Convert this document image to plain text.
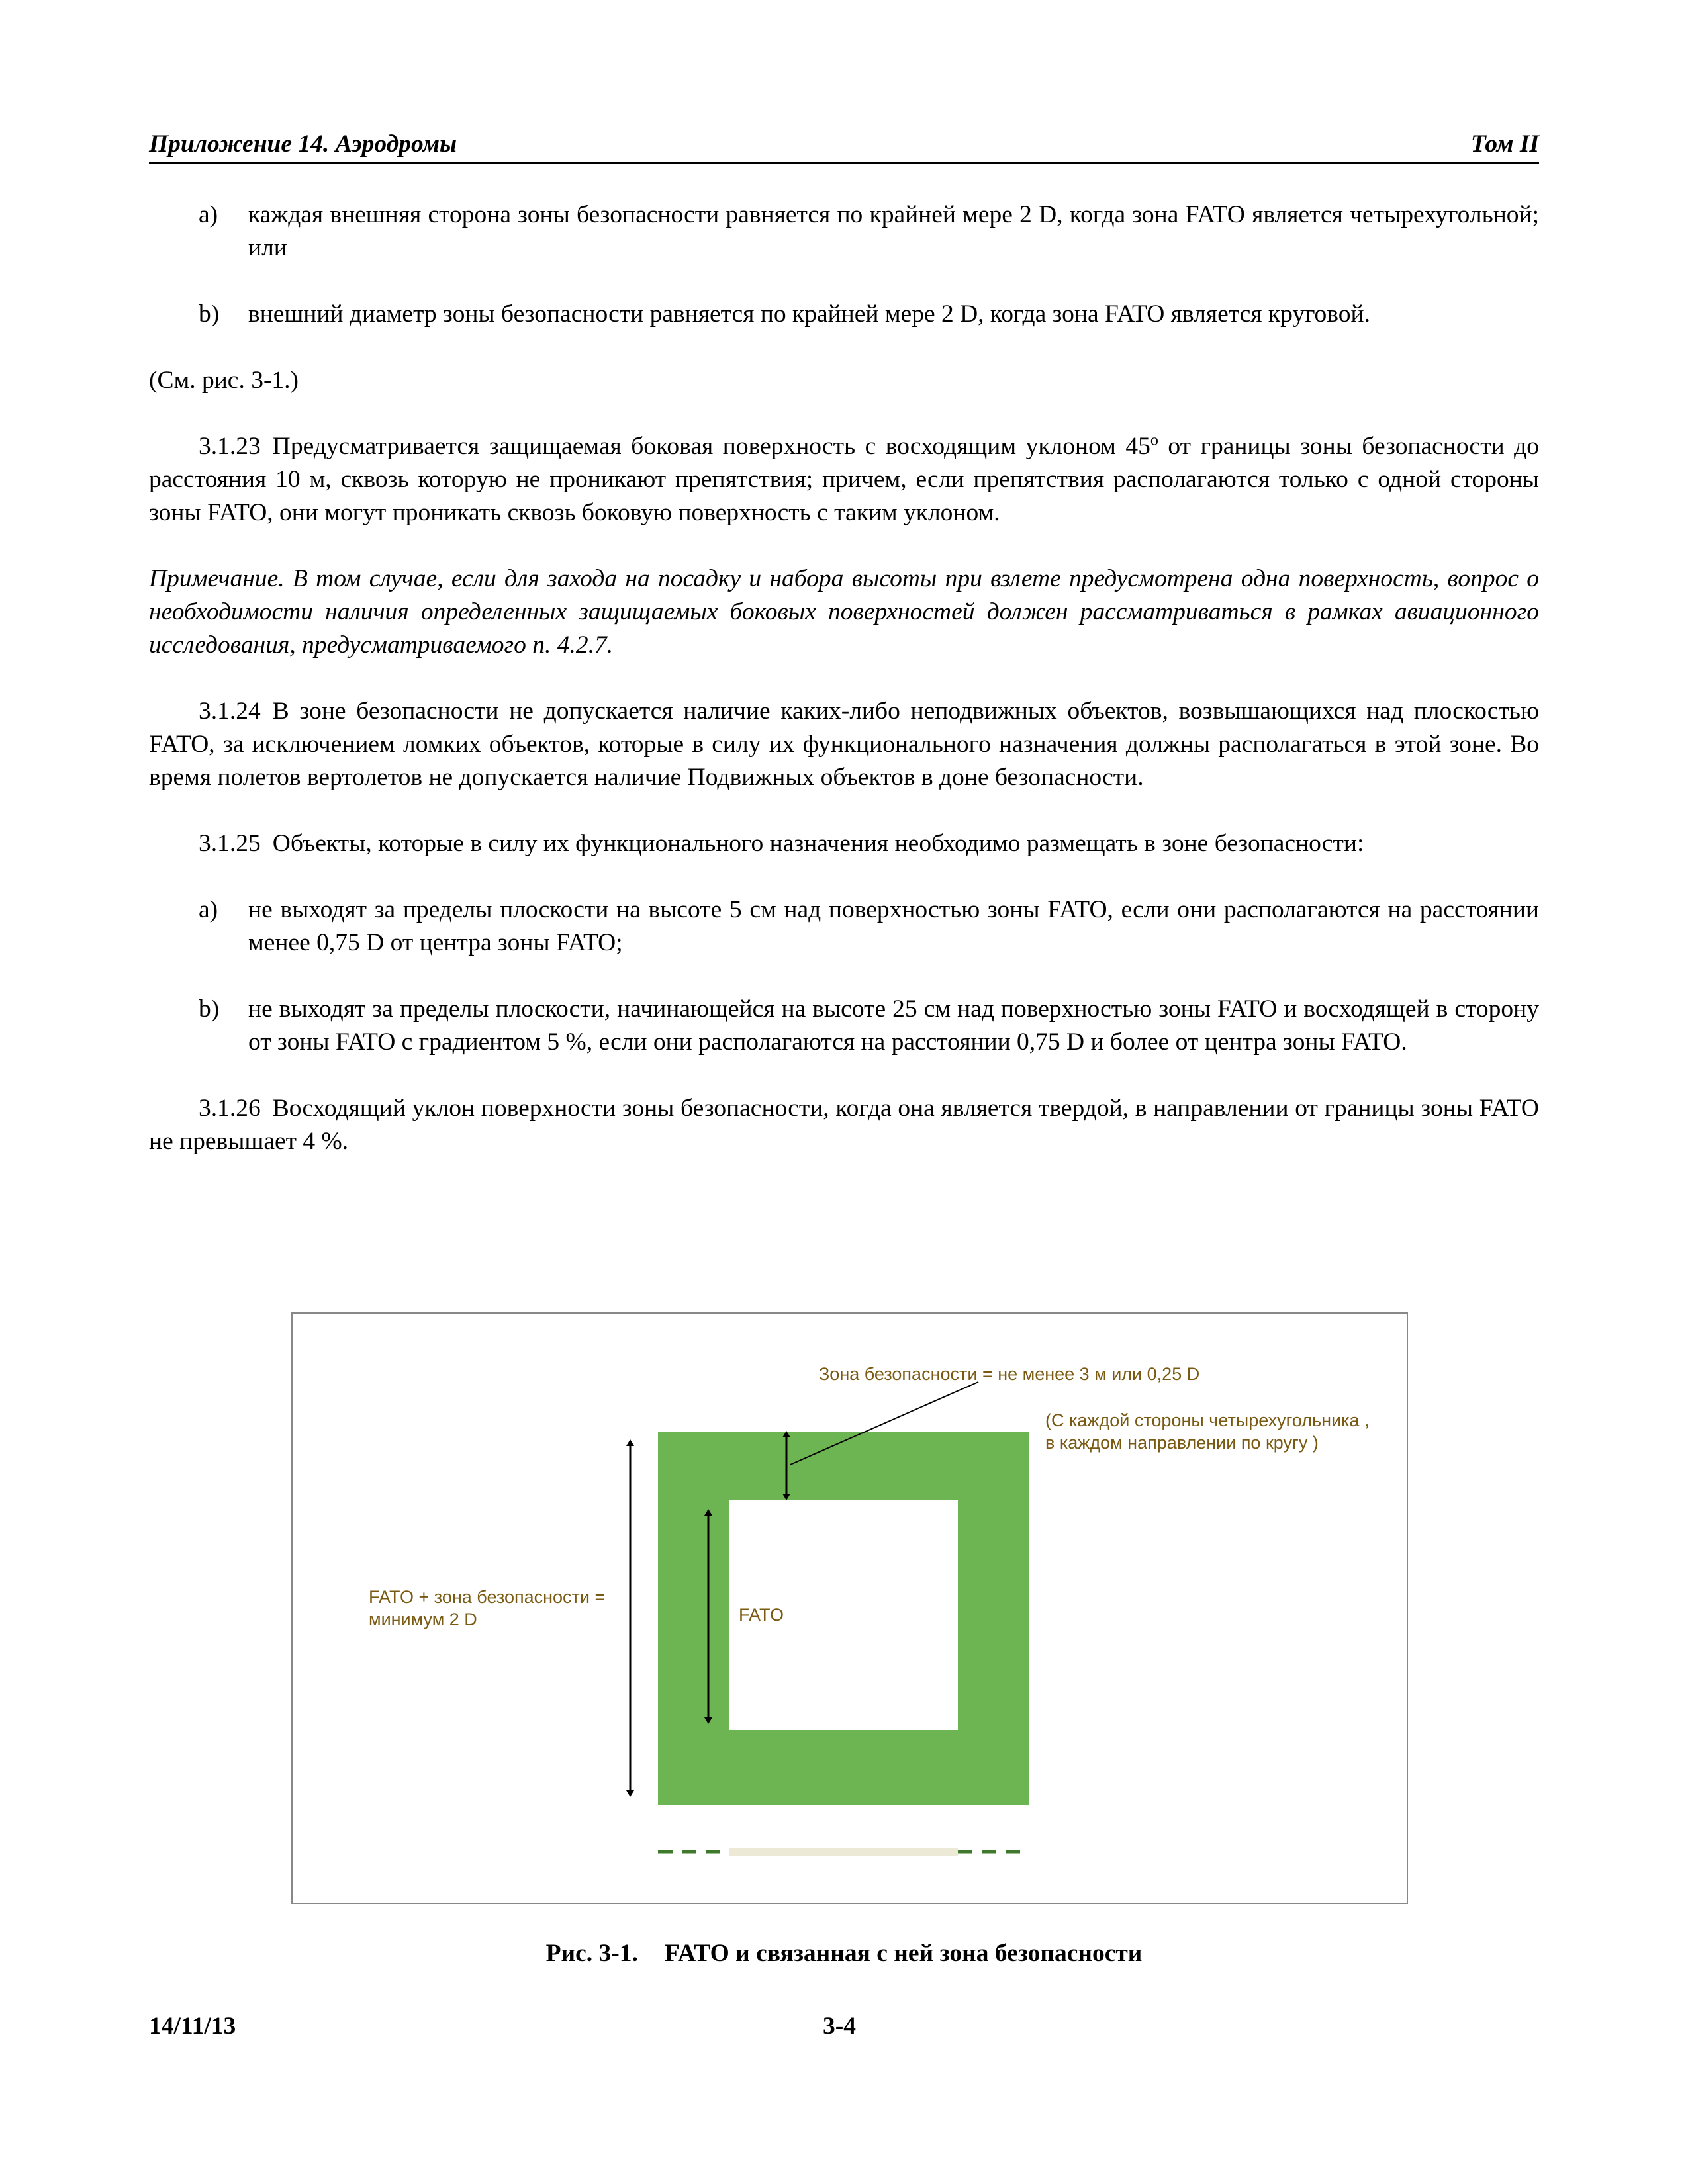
Приложение 14. Аэродромы	Том II
a) каждая внешняя сторона зоны безопасности равняется по крайней мере 2 D, когда зона FATO является четырехугольной; или
b) внешний диаметр зоны безопасности равняется по крайней мере 2 D, когда зона FATO является круговой.
(См. рис. 3-1.)
3.1.23 Предусматривается защищаемая боковая поверхность с восходящим уклоном $45^о$ от границы зоны безопасности до расстояния 10 м, сквозь которую не проникают препятствия; причем, если препятствия располагаются только с одной стороны зоны FATO, они могут проникать сквозь боковую поверхность с таким уклоном.
Примечание. В том случае, если для захода на посадку и набора высоты при взлете предусмотрена одна поверхность, вопрос о необходимости наличия определенных защищаемых боковых поверхностей должен рассматриваться в рамках авиационного исследования, предусматриваемого п. 4.2.7.
3.1.24 В зоне безопасности не допускается наличие каких-либо неподвижных объектов, возвышающихся над плоскостью FATO, за исключением ломких объектов, которые в силу их функционального назначения должны располагаться в этой зоне. Во время полетов вертолетов не допускается наличие Подвижных объектов в доне безопасности.
3.1.25 Объекты, которые в силу их функционального назначения необходимо размещать в зоне безопасности:
a) не выходят за пределы плоскости на высоте 5 см над поверхностью зоны FATO, если они располагаются на расстоянии менее 0,75 D от центра зоны FATO;
b) не выходят за пределы плоскости, начинающейся на высоте 25 см над поверхностью зоны FATO и восходящей в сторону от зоны FATO с градиентом 5 %, если они располагаются на расстоянии 0,75 D и более от центра зоны FATO.
3.1.26 Восходящий уклон поверхности зоны безопасности, когда она является твердой, в направлении от границы зоны FATO не превышает 4 %.
Зона безопасности = не менее 3 м или 0,25 D
(С каждой стороны четырехугольника ,
в каждом направлении по кругу )
FATO + зона безопасности =
минимум 2 D	FATO
Рис. 3-1. FATO и связанная с ней зона безопасности
14/11/13	3-4
